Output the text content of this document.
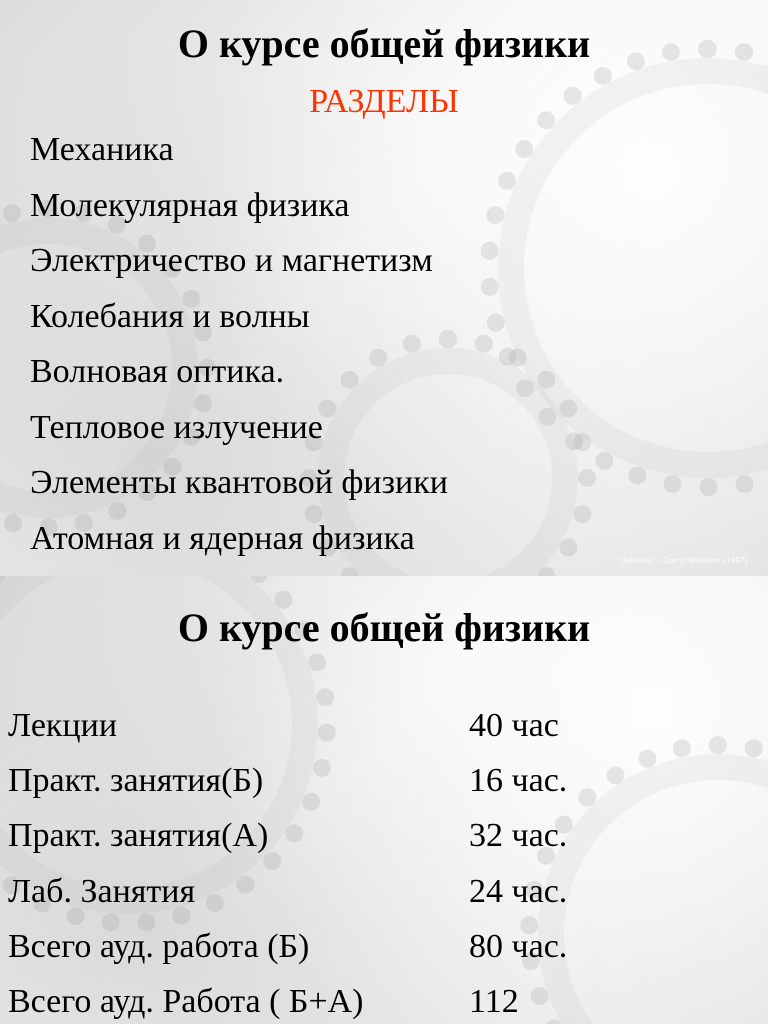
О курсе общей физики
РАЗДЕЛЫ
Механика
Молекулярная физика
Электричество и магнетизм
Колебания и волны
Волновая оптика.
Тепловое излучение
Элементы квантовой физики
Атомная и ядерная физика
"Industry" - Darryl Westhor (1997)
О курсе общей физики
Лекции	40 час
Практ. занятия(Б)	16 час.
Практ. занятия(А)	32 час.
Лаб. Занятия	24 час.
Всего ауд. работа (Б)	80 час.
Всего ауд. Работа ( Б+А)	112
